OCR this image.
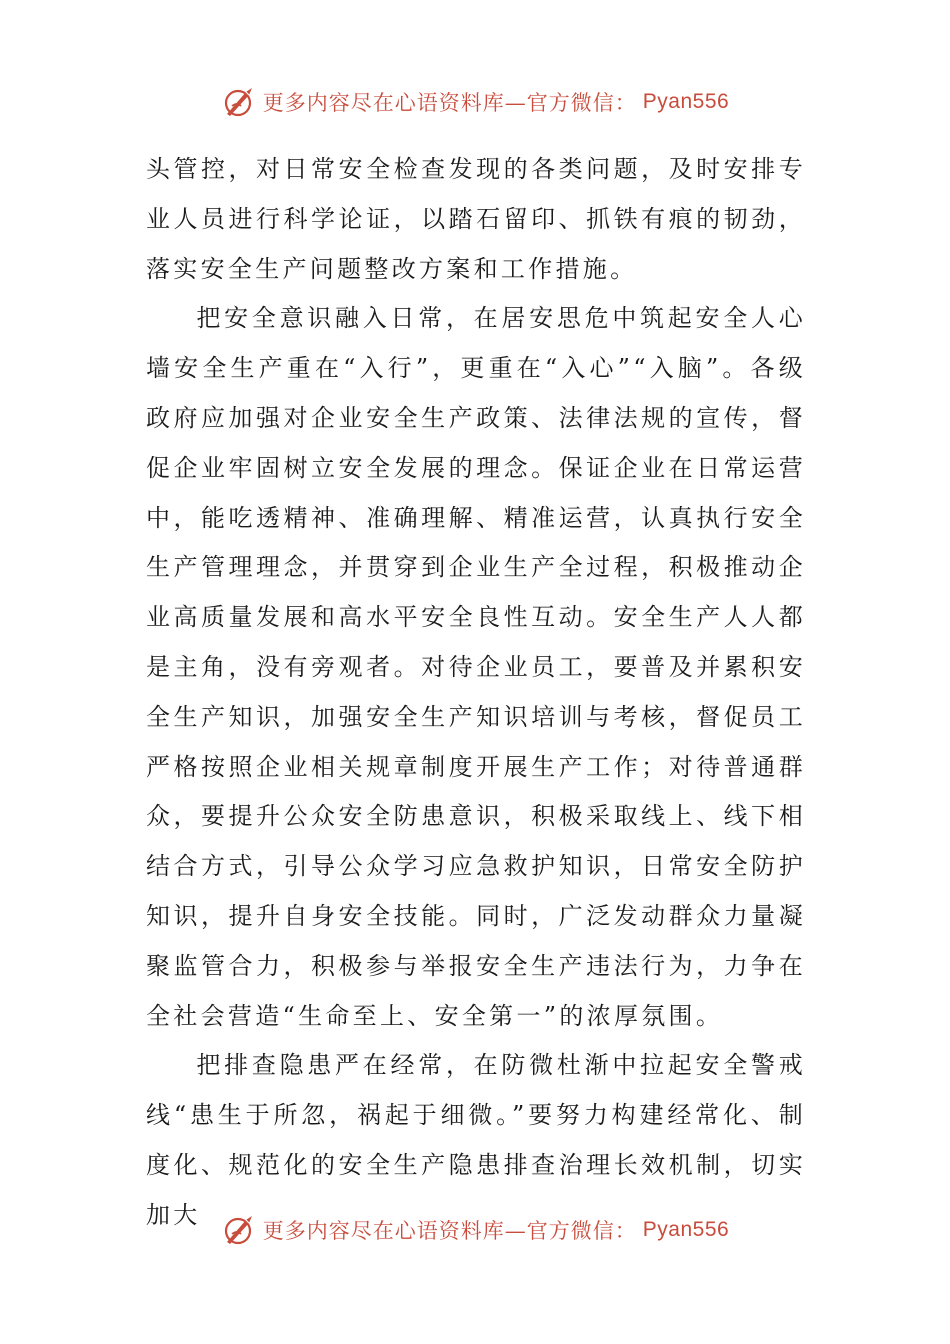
更多内容尽在心语资料库—官方微信： Pyan556

头管控，对日常安全检查发现的各类问题，及时安排专业人员进行科学论证，以踏石留印、抓铁有痕的韧劲，落实安全生产问题整改方案和工作措施。

把安全意识融入日常，在居安思危中筑起安全人心墙安全生产重在“入行”，更重在“入心”“入脑”。各级政府应加强对企业安全生产政策、法律法规的宣传，督促企业牢固树立安全发展的理念。保证企业在日常运营中，能吃透精神、准确理解、精准运营，认真执行安全生产管理理念，并贯穿到企业生产全过程，积极推动企业高质量发展和高水平安全良性互动。安全生产人人都是主角，没有旁观者。对待企业员工，要普及并累积安全生产知识，加强安全生产知识培训与考核，督促员工严格按照企业相关规章制度开展生产工作；对待普通群众，要提升公众安全防患意识，积极采取线上、线下相结合方式，引导公众学习应急救护知识，日常安全防护知识，提升自身安全技能。同时，广泛发动群众力量凝聚监管合力，积极参与举报安全生产违法行为，力争在全社会营造“生命至上、安全第一”的浓厚氛围。

把排查隐患严在经常，在防微杜渐中拉起安全警戒线“患生于所忽，祸起于细微。”要努力构建经常化、制度化、规范化的安全生产隐患排查治理长效机制，切实加大

更多内容尽在心语资料库—官方微信： Pyan556
